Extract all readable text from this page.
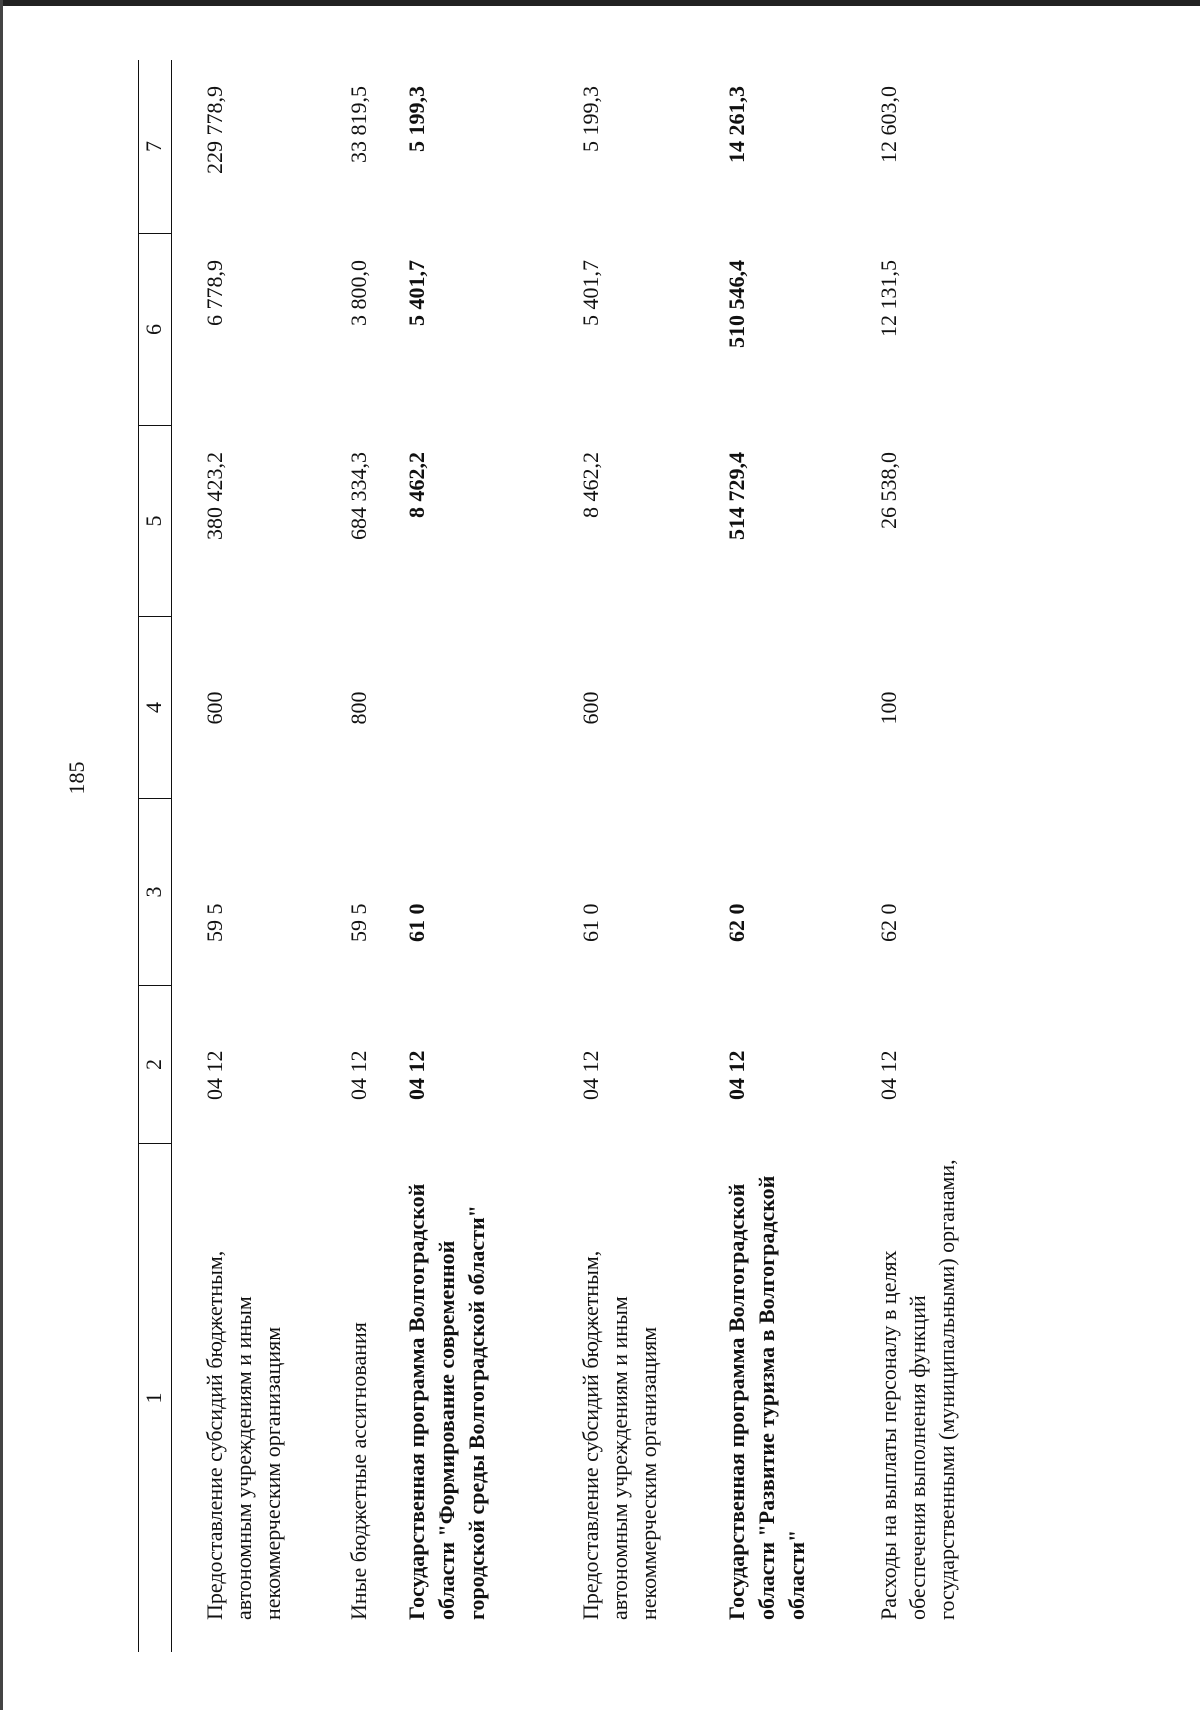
185
1
2
3
4
5
6
7
Предоставление субсидий бюджетным, автономным учреждениям и иным некоммерческим организациям
04 12
59 5
600
380 423,2
6 778,9
229 778,9
Иные бюджетные ассигнования
04 12
59 5
800
684 334,3
3 800,0
33 819,5
Государственная программа Волгоградской области "Формирование современной городской среды Волгоградской области"
04 12
61 0
8 462,2
5 401,7
5 199,3
Предоставление субсидий бюджетным, автономным учреждениям и иным некоммерческим организациям
04 12
61 0
600
8 462,2
5 401,7
5 199,3
Государственная программа Волгоградской области "Развитие туризма в Волгоградской области"
04 12
62 0
514 729,4
510 546,4
14 261,3
Расходы на выплаты персоналу в целях обеспечения выполнения функций государственными (муниципальными) органами,
04 12
62 0
100
26 538,0
12 131,5
12 603,0
